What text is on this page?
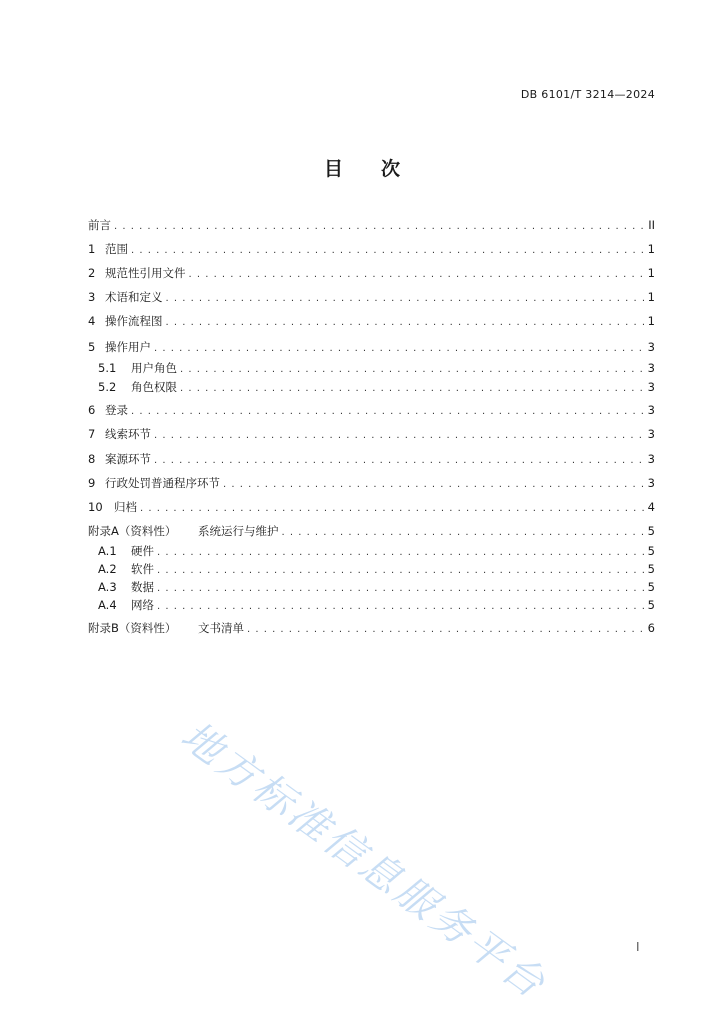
DB 6101/T 3214—2024
目 次
前言 . . .	II
1 范围 . . .	1
2 规范性引用文件 . . .	1
3 术语和定义 . . .	1
4 操作流程图 . . .	1
5 操作用户 . . .	3
5.1 用户角色 . . .	3
5.2 角色权限 . . .	3
6 登录 . . .	3
7 线索环节 . . .	3
8 案源环节 . . .	3
9 行政处罚普通程序环节 . . .	3
10 归档 . . .	4
附录A（资料性） 系统运行与维护 . . .	5
A.1 硬件 . . .	5
A.2 软件 . . .	5
A.3 数据 . . .	5
A.4 网络 . . .	5
附录B（资料性） 文书清单 . . .	6
地方标准信息服务平台	I
